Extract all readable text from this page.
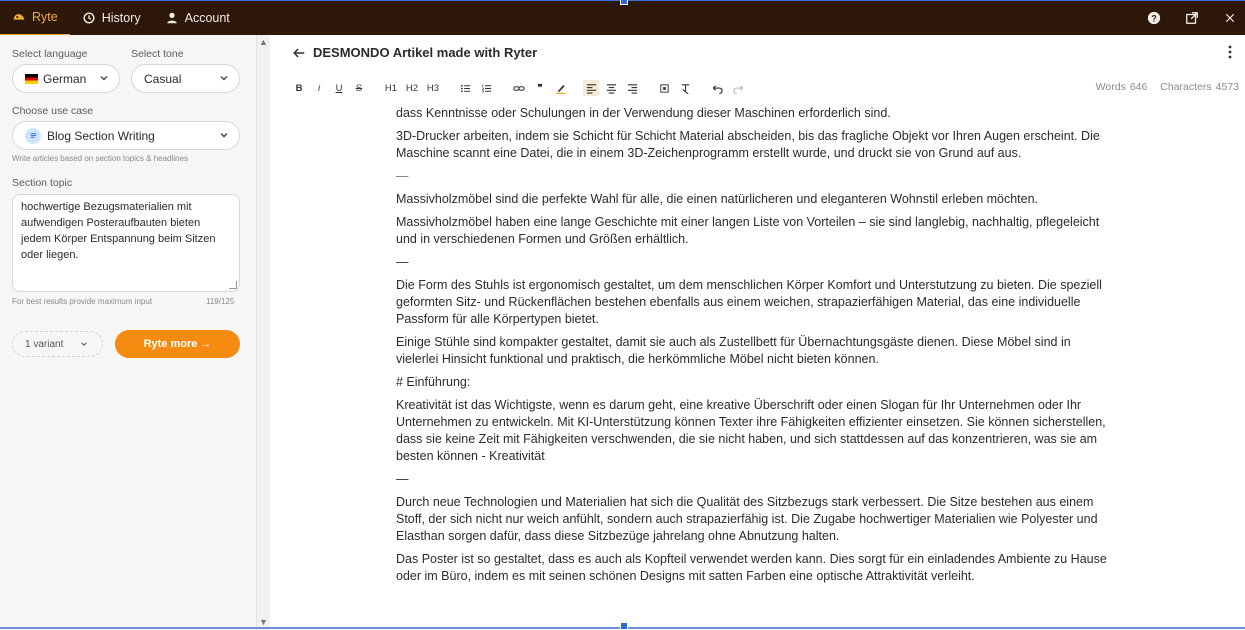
Ryte	History	Account	?
Select language	Select tone
German	Casual
Choose use case
Blog Section Writing
Write articles based on section topics & headlines
Section topic
hochwertige Bezugsmaterialien mit aufwendigen Posteraufbauten bieten jedem Körper Entspannung beim Sitzen oder liegen.
For best results provide maximum input	119/125
1 variant	Ryte more →
▲
▼
DESMONDO Artikel made with Ryter
B	i	U	S	H1 H2 H3	❞	Words 646 Characters 4573

dass Kenntnisse oder Schulungen in der Verwendung dieser Maschinen erforderlich sind.

3D-Drucker arbeiten, indem sie Schicht für Schicht Material abscheiden, bis das fragliche Objekt vor Ihren Augen erscheint. Die Maschine scannt eine Datei, die in einem 3D-Zeichenprogramm erstellt wurde, und druckt sie von Grund auf aus.

—

Massivholzmöbel sind die perfekte Wahl für alle, die einen natürlicheren und eleganteren Wohnstil erleben möchten.

Massivholzmöbel haben eine lange Geschichte mit einer langen Liste von Vorteilen – sie sind langlebig, nachhaltig, pflegeleicht und in verschiedenen Formen und Größen erhältlich.

—

Die Form des Stuhls ist ergonomisch gestaltet, um dem menschlichen Körper Komfort und Unterstutzung zu bieten. Die speziell geformten Sitz- und Rückenflächen bestehen ebenfalls aus einem weichen, strapazierfähigen Material, das eine individuelle Passform für alle Körpertypen bietet.

Einige Stühle sind kompakter gestaltet, damit sie auch als Zustellbett für Übernachtungsgäste dienen. Diese Möbel sind in vielerlei Hinsicht funktional und praktisch, die herkömmliche Möbel nicht bieten können.

# Einführung:

Kreativität ist das Wichtigste, wenn es darum geht, eine kreative Überschrift oder einen Slogan für Ihr Unternehmen oder Ihr Unternehmen zu entwickeln. Mit KI-Unterstützung können Texter ihre Fähigkeiten effizienter einsetzen. Sie können sicherstellen, dass sie keine Zeit mit Fähigkeiten verschwenden, die sie nicht haben, und sich stattdessen auf das konzentrieren, was sie am besten können - Kreativität

—

Durch neue Technologien und Materialien hat sich die Qualität des Sitzbezugs stark verbessert. Die Sitze bestehen aus einem Stoff, der sich nicht nur weich anfühlt, sondern auch strapazierfähig ist. Die Zugabe hochwertiger Materialien wie Polyester und Elasthan sorgen dafür, dass diese Sitzbezüge jahrelang ohne Abnutzung halten.

Das Poster ist so gestaltet, dass es auch als Kopfteil verwendet werden kann. Dies sorgt für ein einladendes Ambiente zu Hause oder im Büro, indem es mit seinen schönen Designs mit satten Farben eine optische Attraktivität verleiht.
